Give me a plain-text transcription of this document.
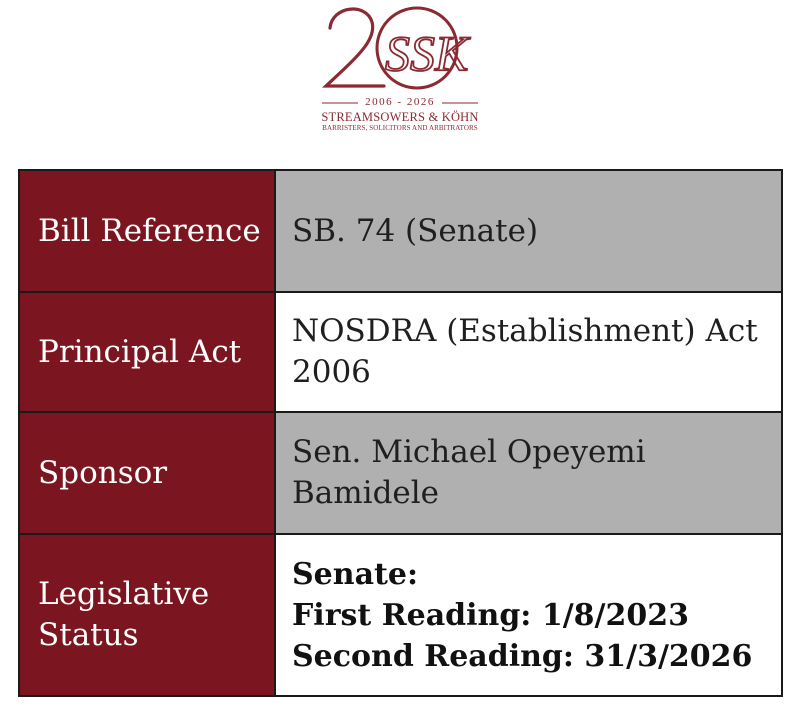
SSK
2006 - 2026
STREAMSOWERS & KÖHN
BARRISTERS, SOLICITORS AND ARBITRATORS
Bill Reference	SB. 74 (Senate)
Principal Act	NOSDRA (Establishment) Act 2006
Sponsor	Sen. Michael Opeyemi Bamidele
Legislative Status	Senate:
First Reading: 1/8/2023
Second Reading: 31/3/2026
